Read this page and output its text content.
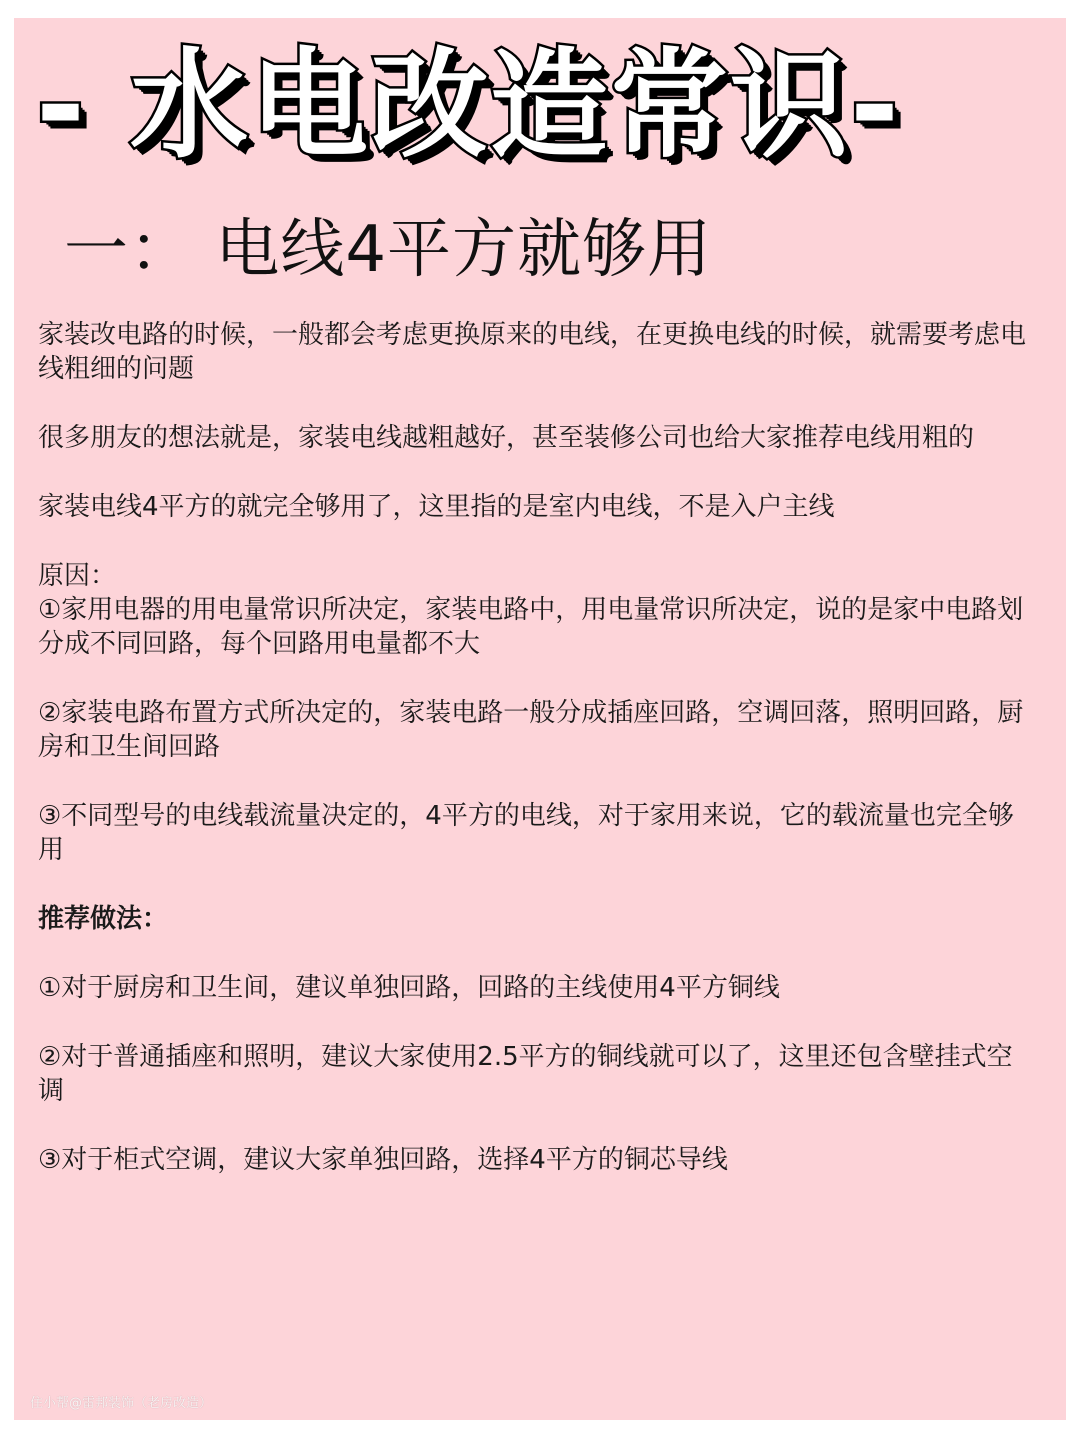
- 水电改造常识-
一： 电线4平方就够用

家装改电路的时候，一般都会考虑更换原来的电线，在更换电线的时候，就需要考虑电线粗细的问题

很多朋友的想法就是，家装电线越粗越好，甚至装修公司也给大家推荐电线用粗的

家装电线4平方的就完全够用了，这里指的是室内电线，不是入户主线

原因：

①家用电器的用电量常识所决定，家装电路中，用电量常识所决定，说的是家中电路划分成不同回路，每个回路用电量都不大

②家装电路布置方式所决定的，家装电路一般分成插座回路，空调回落，照明回路，厨房和卫生间回路

③不同型号的电线载流量决定的，4平方的电线，对于家用来说，它的载流量也完全够用

推荐做法：

①对于厨房和卫生间，建议单独回路，回路的主线使用4平方铜线

②对于普通插座和照明，建议大家使用2.5平方的铜线就可以了，这里还包含壁挂式空调

③对于柜式空调，建议大家单独回路，选择4平方的铜芯导线

住小帮@雷邦装饰（老房改造）
